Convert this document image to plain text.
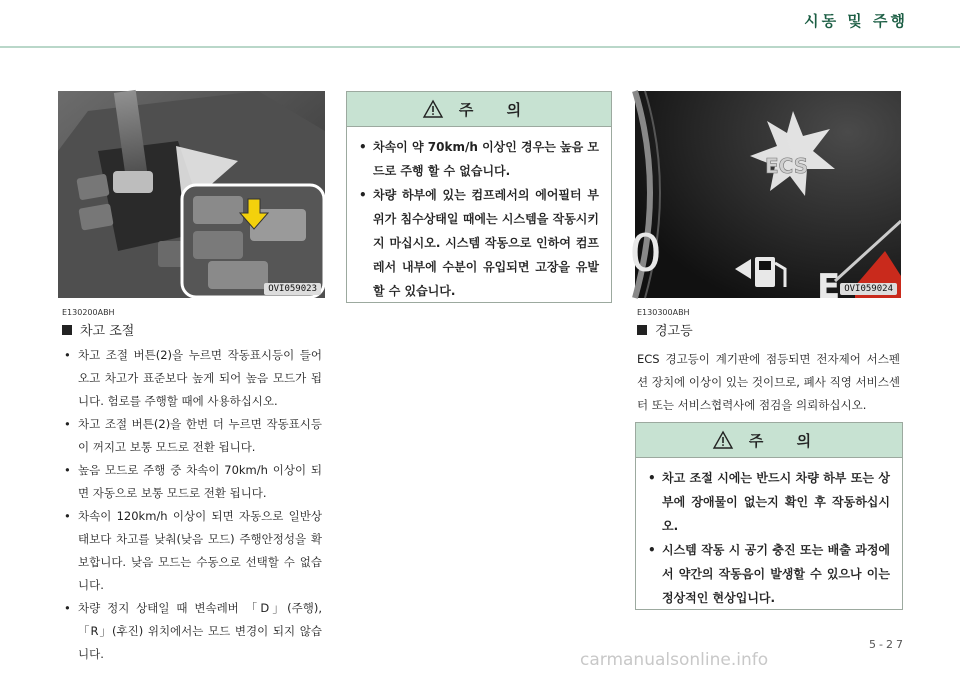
시동 및 주행
OVI059023
E130200ABH
차고 조절
• 차고 조절 버튼(2)을 누르면 작동표시등이 들어오고 차고가 표준보다 높게 되어 높음 모드가 됩니다. 험로를 주행할 때에 사용하십시오.
• 차고 조절 버튼(2)을 한번 더 누르면 작동표시등이 꺼지고 보통 모드로 전환 됩니다.
• 높음 모드로 주행 중 차속이 70km/h 이상이 되면 자동으로 보통 모드로 전환 됩니다.
• 차속이 120km/h 이상이 되면 자동으로 일반상태보다 차고를 낮춰(낮음 모드) 주행안정성을 확보합니다. 낮음 모드는 수동으로 선택할 수 없습니다.
• 차량 정지 상태일 때 변속레버 「D」(주행), 「R」(후진) 위치에서는 모드 변경이 되지 않습니다.
주 의
• 차속이 약 70km/h 이상인 경우는 높음 모드로 주행 할 수 없습니다.
• 차량 하부에 있는 컴프레서의 에어필터 부위가 침수상태일 때에는 시스템을 작동시키지 마십시오. 시스템 작동으로 인하여 컴프레서 내부에 수분이 유입되면 고장을 유발할 수 있습니다.
ECS
0
E OVI059024
E130300ABH
경고등
ECS 경고등이 계기판에 점등되면 전자제어 서스펜션 장치에 이상이 있는 것이므로, 폐사 직영 서비스센터 또는 서비스협력사에 점검을 의뢰하십시오.
주 의
• 차고 조절 시에는 반드시 차량 하부 또는 상부에 장애물이 없는지 확인 후 작동하십시오.
• 시스템 작동 시 공기 충진 또는 배출 과정에서 약간의 작동음이 발생할 수 있으나 이는 정상적인 현상입니다.
5-27
carmanualsonline.info
